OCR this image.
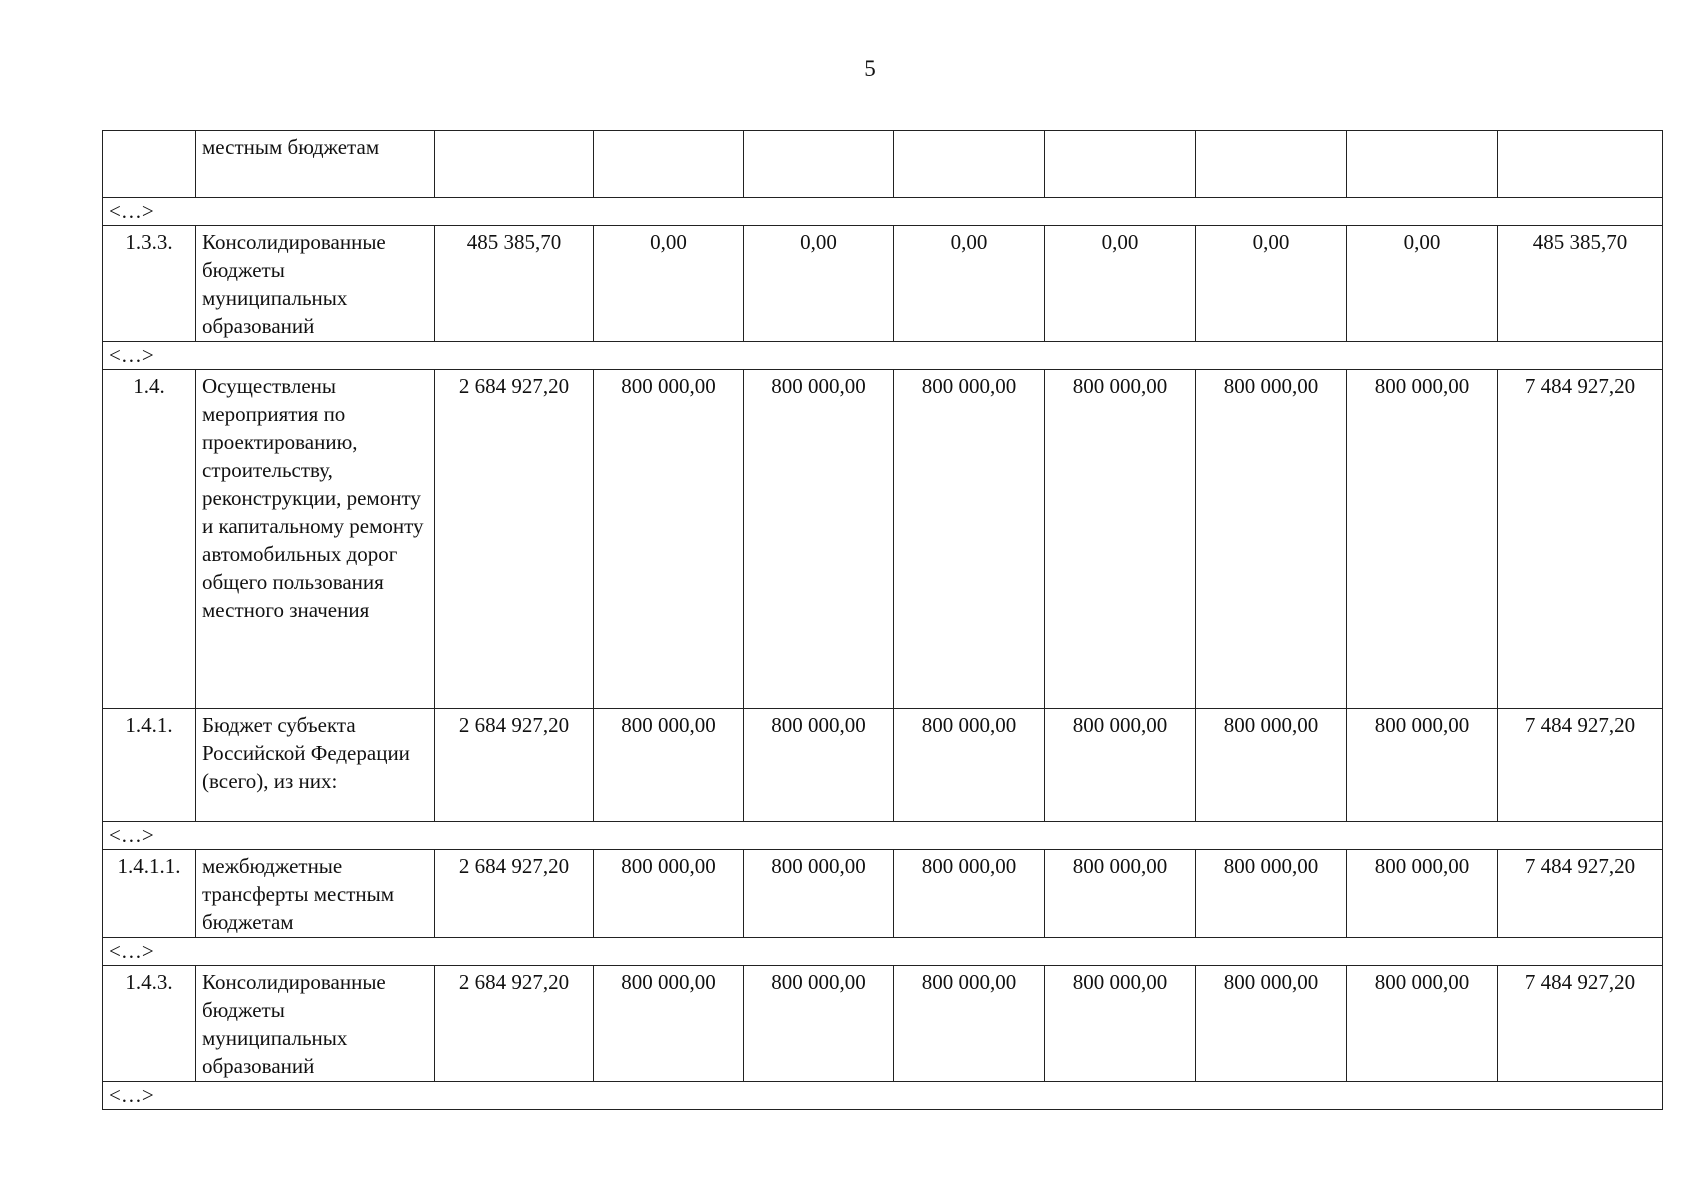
5
	местным бюджетам								
<…>									
1.3.3.	Консолидированные бюджеты муниципальных образований	485 385,70	0,00	0,00	0,00	0,00	0,00	0,00	485 385,70
<…>									
1.4.	Осуществлены мероприятия по проектированию, строительству, реконструкции, ремонту и капитальному ремонту автомобильных дорог общего пользования местного значения	2 684 927,20	800 000,00	800 000,00	800 000,00	800 000,00	800 000,00	800 000,00	7 484 927,20
1.4.1.	Бюджет субъекта Российской Федерации (всего), из них:	2 684 927,20	800 000,00	800 000,00	800 000,00	800 000,00	800 000,00	800 000,00	7 484 927,20
<…>									
1.4.1.1.	межбюджетные трансферты местным бюджетам	2 684 927,20	800 000,00	800 000,00	800 000,00	800 000,00	800 000,00	800 000,00	7 484 927,20
<…>									
1.4.3.	Консолидированные бюджеты муниципальных образований	2 684 927,20	800 000,00	800 000,00	800 000,00	800 000,00	800 000,00	800 000,00	7 484 927,20
<…>									
